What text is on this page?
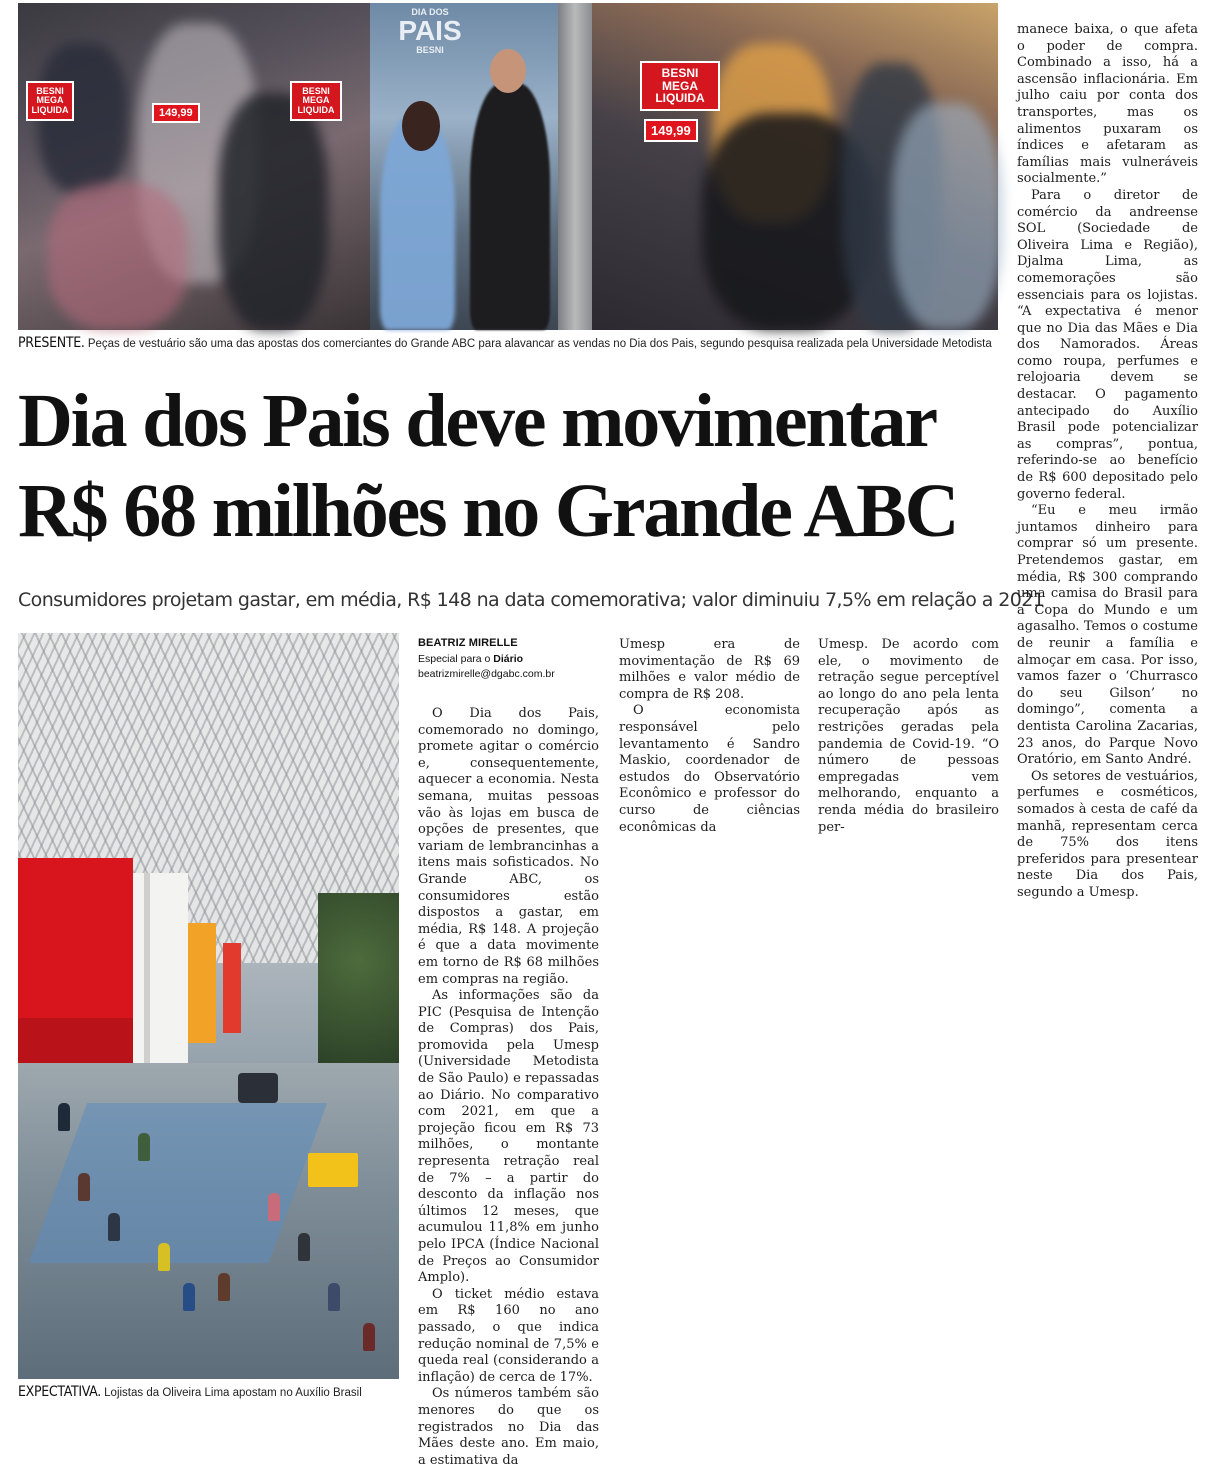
BESNI
MEGA
LIQUIDA
BESNI
MEGA
LIQUIDA
149,99
DIA DOS
PAIS
BESNI
BESNI
MEGA
LIQUIDA
149,99
PRESENTE. Peças de vestuário são uma das apostas dos comerciantes do Grande ABC para alavancar as vendas no Dia dos Pais, segundo pesquisa realizada pela Universidade Metodista
Dia dos Pais deve movimentar
R$ 68 milhões no Grande ABC
Consumidores projetam gastar, em média, R$ 148 na data comemorativa; valor diminuiu 7,5% em relação a 2021
EXPECTATIVA. Lojistas da Oliveira Lima apostam no Auxílio Brasil
BEATRIZ MIRELLE
Especial para o Diário
beatrizmirelle@dgabc.com.br

O Dia dos Pais, comemorado no domingo, promete agitar o comércio e, consequentemente, aquecer a economia. Nesta semana, muitas pessoas vão às lojas em busca de opções de presentes, que variam de lembrancinhas a itens mais sofisticados. No Grande ABC, os consumidores estão dispostos a gastar, em média, R$ 148. A projeção é que a data movimente em torno de R$ 68 milhões em compras na região.

As informações são da PIC (Pesquisa de Intenção de Compras) dos Pais, promovida pela Umesp (Universidade Metodista de São Paulo) e repassadas ao Diário. No comparativo com 2021, em que a projeção ficou em R$ 73 milhões, o montante representa retração real de 7% – a partir do desconto da inflação nos últimos 12 meses, que acumulou 11,8% em junho pelo IPCA (Índice Nacional de Preços ao Consumidor Amplo).

O ticket médio estava em R$ 160 no ano passado, o que indica redução nominal de 7,5% e queda real (considerando a inflação) de cerca de 17%.

Os números também são menores do que os registrados no Dia das Mães deste ano. Em maio, a estimativa da

Umesp era de movimentação de R$ 69 milhões e valor médio de compra de R$ 208.

O economista responsável pelo levantamento é Sandro Maskio, coordenador de estudos do Observatório Econômico e professor do curso de ciências econômicas da

Umesp. De acordo com ele, o movimento de retração segue perceptível ao longo do ano pela lenta recuperação após as restrições geradas pela pandemia de Covid-19. “O número de pessoas empregadas vem melhorando, enquanto a renda média do brasileiro per-

manece baixa, o que afeta o poder de compra. Combinado a isso, há a ascensão inflacionária. Em julho caiu por conta dos transportes, mas os alimentos puxaram os índices e afetaram as famílias mais vulneráveis socialmente.”

Para o diretor de comércio da andreense SOL (Sociedade de Oliveira Lima e Região), Djalma Lima, as comemorações são essenciais para os lojistas. “A expectativa é menor que no Dia das Mães e Dia dos Namorados. Áreas como roupa, perfumes e relojoaria devem se destacar. O pagamento antecipado do Auxílio Brasil pode potencializar as compras”, pontua, referindo-se ao benefício de R$ 600 depositado pelo governo federal.

“Eu e meu irmão juntamos dinheiro para comprar só um presente. Pretendemos gastar, em média, R$ 300 comprando uma camisa do Brasil para a Copa do Mundo e um agasalho. Temos o costume de reunir a família e almoçar em casa. Por isso, vamos fazer o ‘Churrasco do seu Gilson’ no domingo”, comenta a dentista Carolina Zacarias, 23 anos, do Parque Novo Oratório, em Santo André.

Os setores de vestuários, perfumes e cosméticos, somados à cesta de café da manhã, representam cerca de 75% dos itens preferidos para presentear neste Dia dos Pais, segundo a Umesp.
